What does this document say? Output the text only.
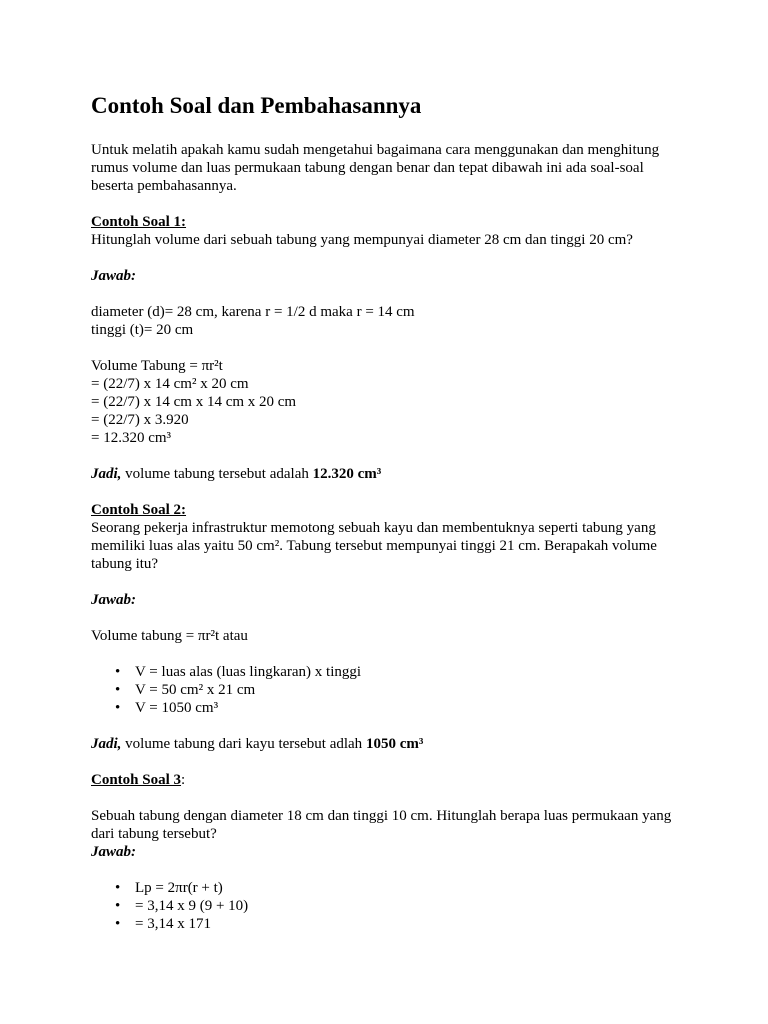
Contoh Soal dan Pembahasannya

Untuk melatih apakah kamu sudah mengetahui bagaimana cara menggunakan dan menghitung

rumus volume dan luas permukaan tabung dengan benar dan tepat dibawah ini ada soal-soal

beserta pembahasannya.

Contoh Soal 1:

Hitunglah volume dari sebuah tabung yang mempunyai diameter 28 cm dan tinggi 20 cm?

Jawab:

diameter (d)= 28 cm, karena r = 1/2 d maka r = 14 cm

tinggi (t)= 20 cm

Volume Tabung = πr²t

= (22/7) x 14 cm² x 20 cm

= (22/7) x 14 cm x 14 cm x 20 cm

= (22/7) x 3.920

= 12.320 cm³

Jadi, volume tabung tersebut adalah 12.320 cm³

Contoh Soal 2:

Seorang pekerja infrastruktur memotong sebuah kayu dan membentuknya seperti tabung yang

memiliki luas alas yaitu 50 cm². Tabung tersebut mempunyai tinggi 21 cm. Berapakah volume

tabung itu?

Jawab:

Volume tabung = πr²t atau

• V = luas alas (luas lingkaran) x tinggi
• V = 50 cm² x 21 cm
• V = 1050 cm³

Jadi, volume tabung dari kayu tersebut adlah 1050 cm³

Contoh Soal 3:

Sebuah tabung dengan diameter 18 cm dan tinggi 10 cm. Hitunglah berapa luas permukaan yang

dari tabung tersebut?

Jawab:

• Lp = 2πr(r + t)
• = 3,14 x 9 (9 + 10)
• = 3,14 x 171
